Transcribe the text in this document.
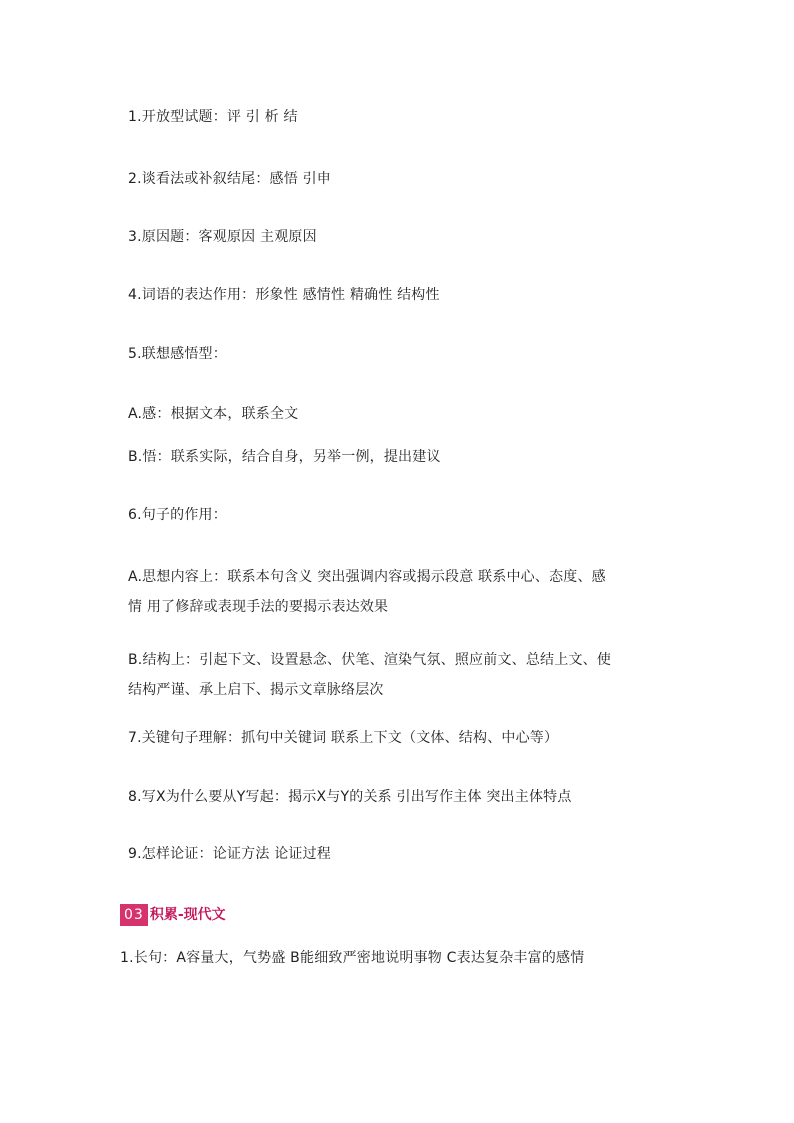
1.开放型试题：评 引 析 结
2.谈看法或补叙结尾：感悟 引申
3.原因题：客观原因 主观原因
4.词语的表达作用：形象性 感情性 精确性 结构性
5.联想感悟型：
A.感：根据文本，联系全文
B.悟：联系实际，结合自身，另举一例，提出建议
6.句子的作用：
A.思想内容上：联系本句含义 突出强调内容或揭示段意 联系中心、态度、感
情 用了修辞或表现手法的要揭示表达效果
B.结构上：引起下文、设置悬念、伏笔、渲染气氛、照应前文、总结上文、使
结构严谨、承上启下、揭示文章脉络层次
7.关键句子理解：抓句中关键词 联系上下文（文体、结构、中心等）
8.写X为什么要从Y写起：揭示X与Y的关系 引出写作主体 突出主体特点
9.怎样论证：论证方法 论证过程
03 积累-现代文
1.长句：A容量大，气势盛 B能细致严密地说明事物 C表达复杂丰富的感情
